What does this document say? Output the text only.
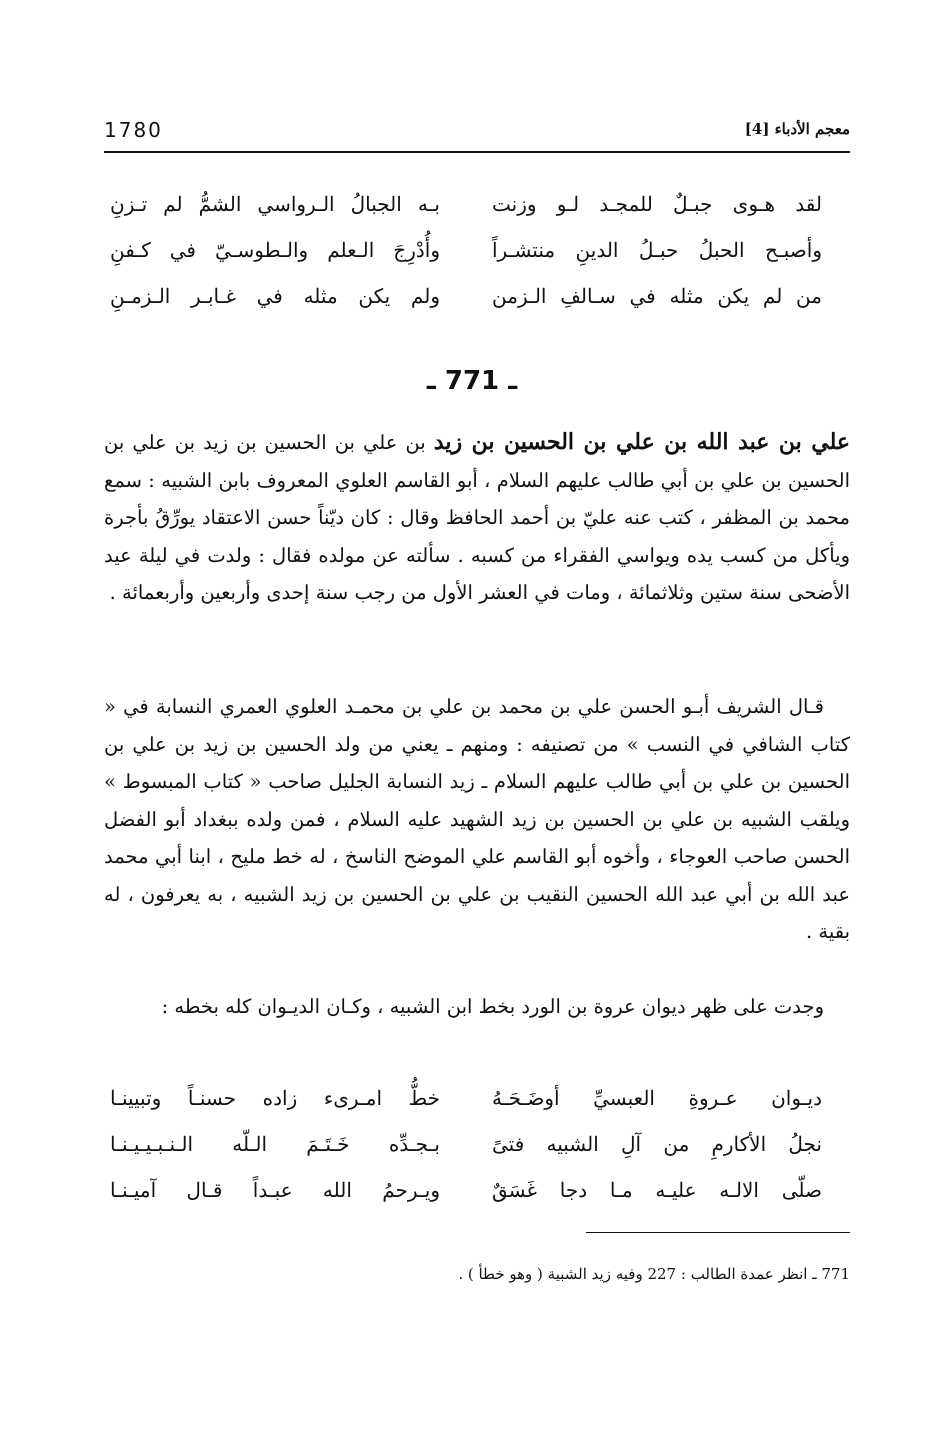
1780	معجم الأدباء [4]
لقد هـوى جبـلٌ للمجـد لـو وزنت
بـه الجبالُ الـرواسي الشمُّ لم تـزنِ
وأصبـح الحبلُ حبـلُ الدينِ منتشـراً
وأُدْرِجَ الـعلم والـطوسـيّ في كـفنِ
من لم يكن مثله في سـالفِ الـزمن
ولم يكن مثله في غـابـر الـزمـنِ
ـ 771 ـ
علي بن عبد الله بن علي بن الحسين بن زيد بن علي بن الحسين بن زيد بن علي بن الحسين بن علي بن أبي طالب عليهم السلام ، أبو القاسم العلوي المعروف بابن الشبيه : سمع محمد بن المظفر ، كتب عنه عليّ بن أحمد الحافظ وقال : كان ديّناً حسن الاعتقاد يورِّقُ بأجرة ويأكل من كسب يده ويواسي الفقراء من كسبه . سألته عن مولده فقال : ولدت في ليلة عيد الأضحى سنة ستين وثلاثمائة ، ومات في العشر الأول من رجب سنة إحدى وأربعين وأربعمائة .
قـال الشريف أبـو الحسن علي بن محمد بن علي بن محمـد العلوي العمري النسابة في « كتاب الشافي في النسب » من تصنيفه : ومنهم ـ يعني من ولد الحسين بن زيد بن علي بن الحسين بن علي بن أبي طالب عليهم السلام ـ زيد النسابة الجليل صاحب « كتاب المبسوط » ويلقب الشبيه بن علي بن الحسين بن زيد الشهيد عليه السلام ، فمن ولده ببغداد أبو الفضل الحسن صاحب العوجاء ، وأخوه أبو القاسم علي الموضح الناسخ ، له خط مليح ، ابنا أبي محمد عبد الله بن أبي عبد الله الحسين النقيب بن علي بن الحسين بن زيد الشبيه ، به يعرفون ، له بقية .
وجدت على ظهر ديوان عروة بن الورد بخط ابن الشبيه ، وكـان الديـوان كله بخطه :
ديـوان عـروةِ العبسيِّ أوضَـحَـهُ
خطُّ امـرىء زاده حسنـاً وتبيينـا
نجلُ الأكارمِ من آلِ الشبيه فتىً
بـجـدِّه خَـتَـمَ الـلّه الـنـبـيـيـنـا
صلّى الالـه عليـه مـا دجا غَسَقٌ
ويـرحمُ الله عبـداً قـال آميـنـا
771 ـ انظر عمدة الطالب : 227 وفيه زيد الشبية ( وهو خطأ ) .
